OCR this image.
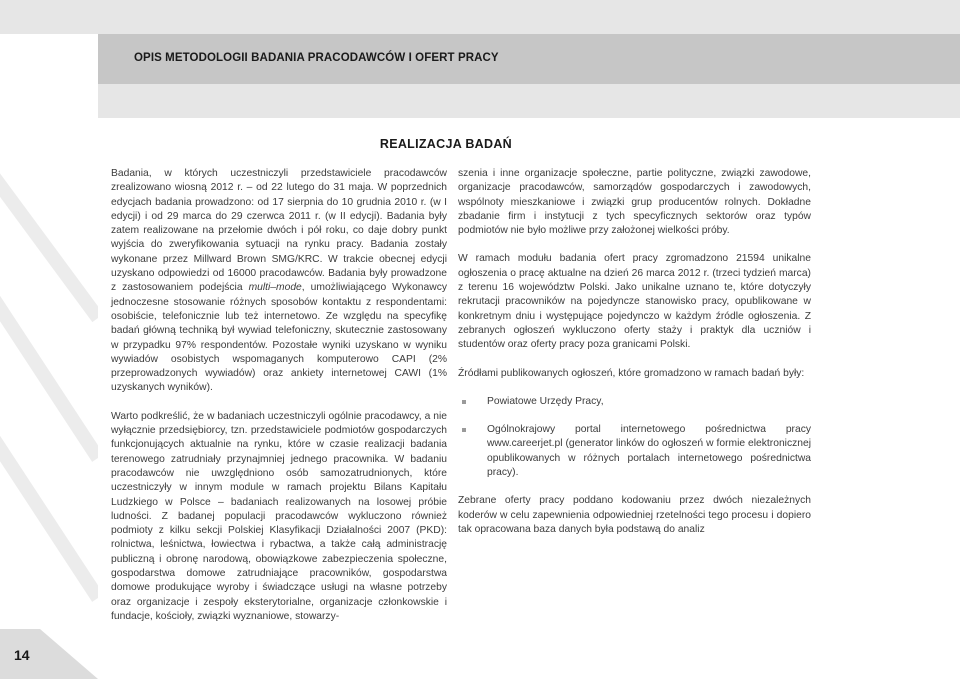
OPIS METODOLOGII BADANIA PRACODAWCÓW I OFERT PRACY
14
REALIZACJA BADAŃ

Badania, w których uczestniczyli przedstawiciele pracodawców zrealizowano wiosną 2012 r. – od 22 lutego do 31 maja. W poprzednich edycjach badania prowadzono: od 17 sierpnia do 10 grudnia 2010 r. (w I edycji) i od 29 marca do 29 czerwca 2011 r. (w II edycji). Badania były zatem realizowane na przełomie dwóch i pół roku, co daje dobry punkt wyjścia do zweryfikowania sytuacji na rynku pracy. Badania zostały wykonane przez Millward Brown SMG/KRC. W trakcie obecnej edycji uzyskano odpowiedzi od 16000 pracodawców. Badania były prowadzone z zastosowaniem podejścia multi–mode, umożliwiającego Wykonawcy jednoczesne stosowanie różnych sposobów kontaktu z respondentami: osobiście, telefonicznie lub też internetowo. Ze względu na specyfikę badań główną techniką był wywiad telefoniczny, skutecznie zastosowany w przypadku 97% respondentów. Pozostałe wyniki uzyskano w wyniku wywiadów osobistych wspomaganych komputerowo CAPI (2% przeprowadzonych wywiadów) oraz ankiety internetowej CAWI (1% uzyskanych wyników).

Warto podkreślić, że w badaniach uczestniczyli ogólnie pracodawcy, a nie wyłącznie przedsiębiorcy, tzn. przedstawiciele podmiotów gospodarczych funkcjonujących aktualnie na rynku, które w czasie realizacji badania terenowego zatrudniały przynajmniej jednego pracownika. W badaniu pracodawców nie uwzględniono osób samozatrudnionych, które uczestniczyły w innym module w ramach projektu Bilans Kapitału Ludzkiego w Polsce – badaniach realizowanych na losowej próbie ludności. Z badanej populacji pracodawców wykluczono również podmioty z kilku sekcji Polskiej Klasyfikacji Działalności 2007 (PKD): rolnictwa, leśnictwa, łowiectwa i rybactwa, a także całą administrację publiczną i obronę narodową, obowiązkowe zabezpieczenia społeczne, gospodarstwa domowe zatrudniające pracowników, gospodarstwa domowe produkujące wyroby i świadczące usługi na własne potrzeby oraz organizacje i zespoły eksterytorialne, organizacje członkowskie i fundacje, kościoły, związki wyznaniowe, stowarzy-

szenia i inne organizacje społeczne, partie polityczne, związki zawodowe, organizacje pracodawców, samorządów gospodarczych i zawodowych, wspólnoty mieszkaniowe i związki grup producentów rolnych. Dokładne zbadanie firm i instytucji z tych specyficznych sektorów oraz typów podmiotów nie było możliwe przy założonej wielkości próby.

W ramach modułu badania ofert pracy zgromadzono 21594 unikalne ogłoszenia o pracę aktualne na dzień 26 marca 2012 r. (trzeci tydzień marca) z terenu 16 województw Polski. Jako unikalne uznano te, które dotyczyły rekrutacji pracowników na pojedyncze stanowisko pracy, opublikowane w konkretnym dniu i występujące pojedynczo w każdym źródle ogłoszenia. Z zebranych ogłoszeń wykluczono oferty staży i praktyk dla uczniów i studentów oraz oferty pracy poza granicami Polski.

Źródłami publikowanych ogłoszeń, które gromadzono w ramach badań były:

Powiatowe Urzędy Pracy,
Ogólnokrajowy portal internetowego pośrednictwa pracy www.careerjet.pl (generator linków do ogłoszeń w formie elektronicznej opublikowanych w różnych portalach internetowego pośrednictwa pracy).

Zebrane oferty pracy poddano kodowaniu przez dwóch niezależnych koderów w celu zapewnienia odpowiedniej rzetelności tego procesu i dopiero tak opracowana baza danych była podstawą do analiz
